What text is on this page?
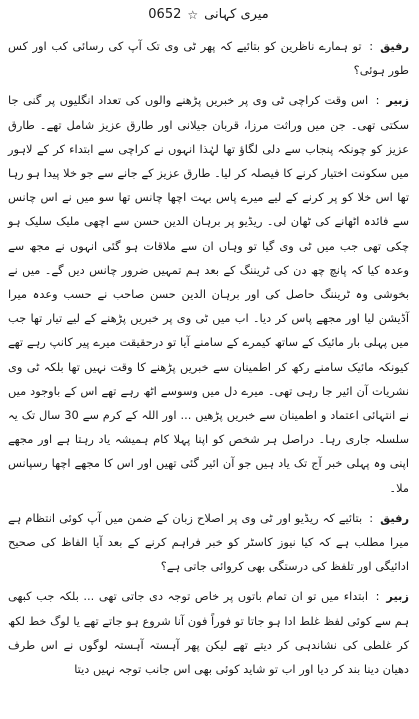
میری کہانی
☆
0652

رفیق: تو ہمارے ناظرین کو بتائیے کہ پھر ٹی وی تک آپ کی رسائی کب اور کس طور ہوئی؟

زبیر: اس وقت کراچی ٹی وی پر خبریں پڑھنے والوں کی تعداد انگلیوں پر گنی جا سکتی تھی۔ جن میں وراثت مرزا، قربان جیلانی اور طارق عزیز شامل تھے۔ طارق عزیز کو چونکہ پنجاب سے دلی لگاؤ تھا لہٰذا انہوں نے کراچی سے ابتداء کر کے لاہور میں سکونت اختیار کرنے کا فیصلہ کر لیا۔ طارق عزیز کے جانے سے جو خلا پیدا ہو رہا تھا اس خلا کو پر کرنے کے لیے میرے پاس بہت اچھا چانس تھا سو میں نے اس چانس سے فائدہ اٹھانے کی ٹھان لی۔ ریڈیو پر برہان الدین حسن سے اچھی ملیک سلیک ہو چکی تھی جب میں ٹی وی گیا تو وہاں ان سے ملاقات ہو گئی انہوں نے مجھ سے وعدہ کیا کہ پانچ چھ دن کی ٹریننگ کے بعد ہم تمہیں ضرور چانس دیں گے۔ میں نے بخوشی وہ ٹریننگ حاصل کی اور برہان الدین حسن صاحب نے حسب وعدہ میرا آڈیشن لیا اور مجھے پاس کر دیا۔ اب میں ٹی وی پر خبریں پڑھنے کے لیے تیار تھا جب میں پہلی بار مائیک کے ساتھ کیمرے کے سامنے آیا تو درحقیقت میرے پیر کانپ رہے تھے کیونکہ مائیک سامنے رکھ کر اطمینان سے خبریں پڑھنے کا وقت نہیں تھا بلکہ ٹی وی نشریات آن ائیر جا رہی تھی۔ میرے دل میں وسوسے اٹھ رہے تھے اس کے باوجود میں نے انتہائی اعتماد و اطمینان سے خبریں پڑھیں ... اور اللہ کے کرم سے 30 سال تک یہ سلسلہ جاری رہا۔ دراصل ہر شخص کو اپنا پہلا کام ہمیشہ یاد رہتا ہے اور مجھے اپنی وہ پہلی خبر آج تک یاد ہیں جو آن ائیر گئی تھیں اور اس کا مجھے اچھا رسپانس ملا۔

رفیق: بتائیے کہ ریڈیو اور ٹی وی پر اصلاح زبان کے ضمن میں آپ کوئی انتظام ہے میرا مطلب ہے کہ کیا نیوز کاسٹر کو خبر فراہم کرنے کے بعد آیا الفاظ کی صحیح ادائیگی اور تلفظ کی درستگی بھی کروائی جاتی ہے؟

زبیر: ابتداء میں تو ان تمام باتوں پر خاص توجہ دی جاتی تھی ... بلکہ جب کبھی ہم سے کوئی لفظ غلط ادا ہو جاتا تو فوراً فون آنا شروع ہو جاتے تھے یا لوگ خط لکھ کر غلطی کی نشاندہی کر دیتے تھے لیکن پھر آہستہ آہستہ لوگوں نے اس طرف دھیان دینا بند کر دیا اور اب تو شاید کوئی بھی اس جانب توجہ نہیں دیتا
